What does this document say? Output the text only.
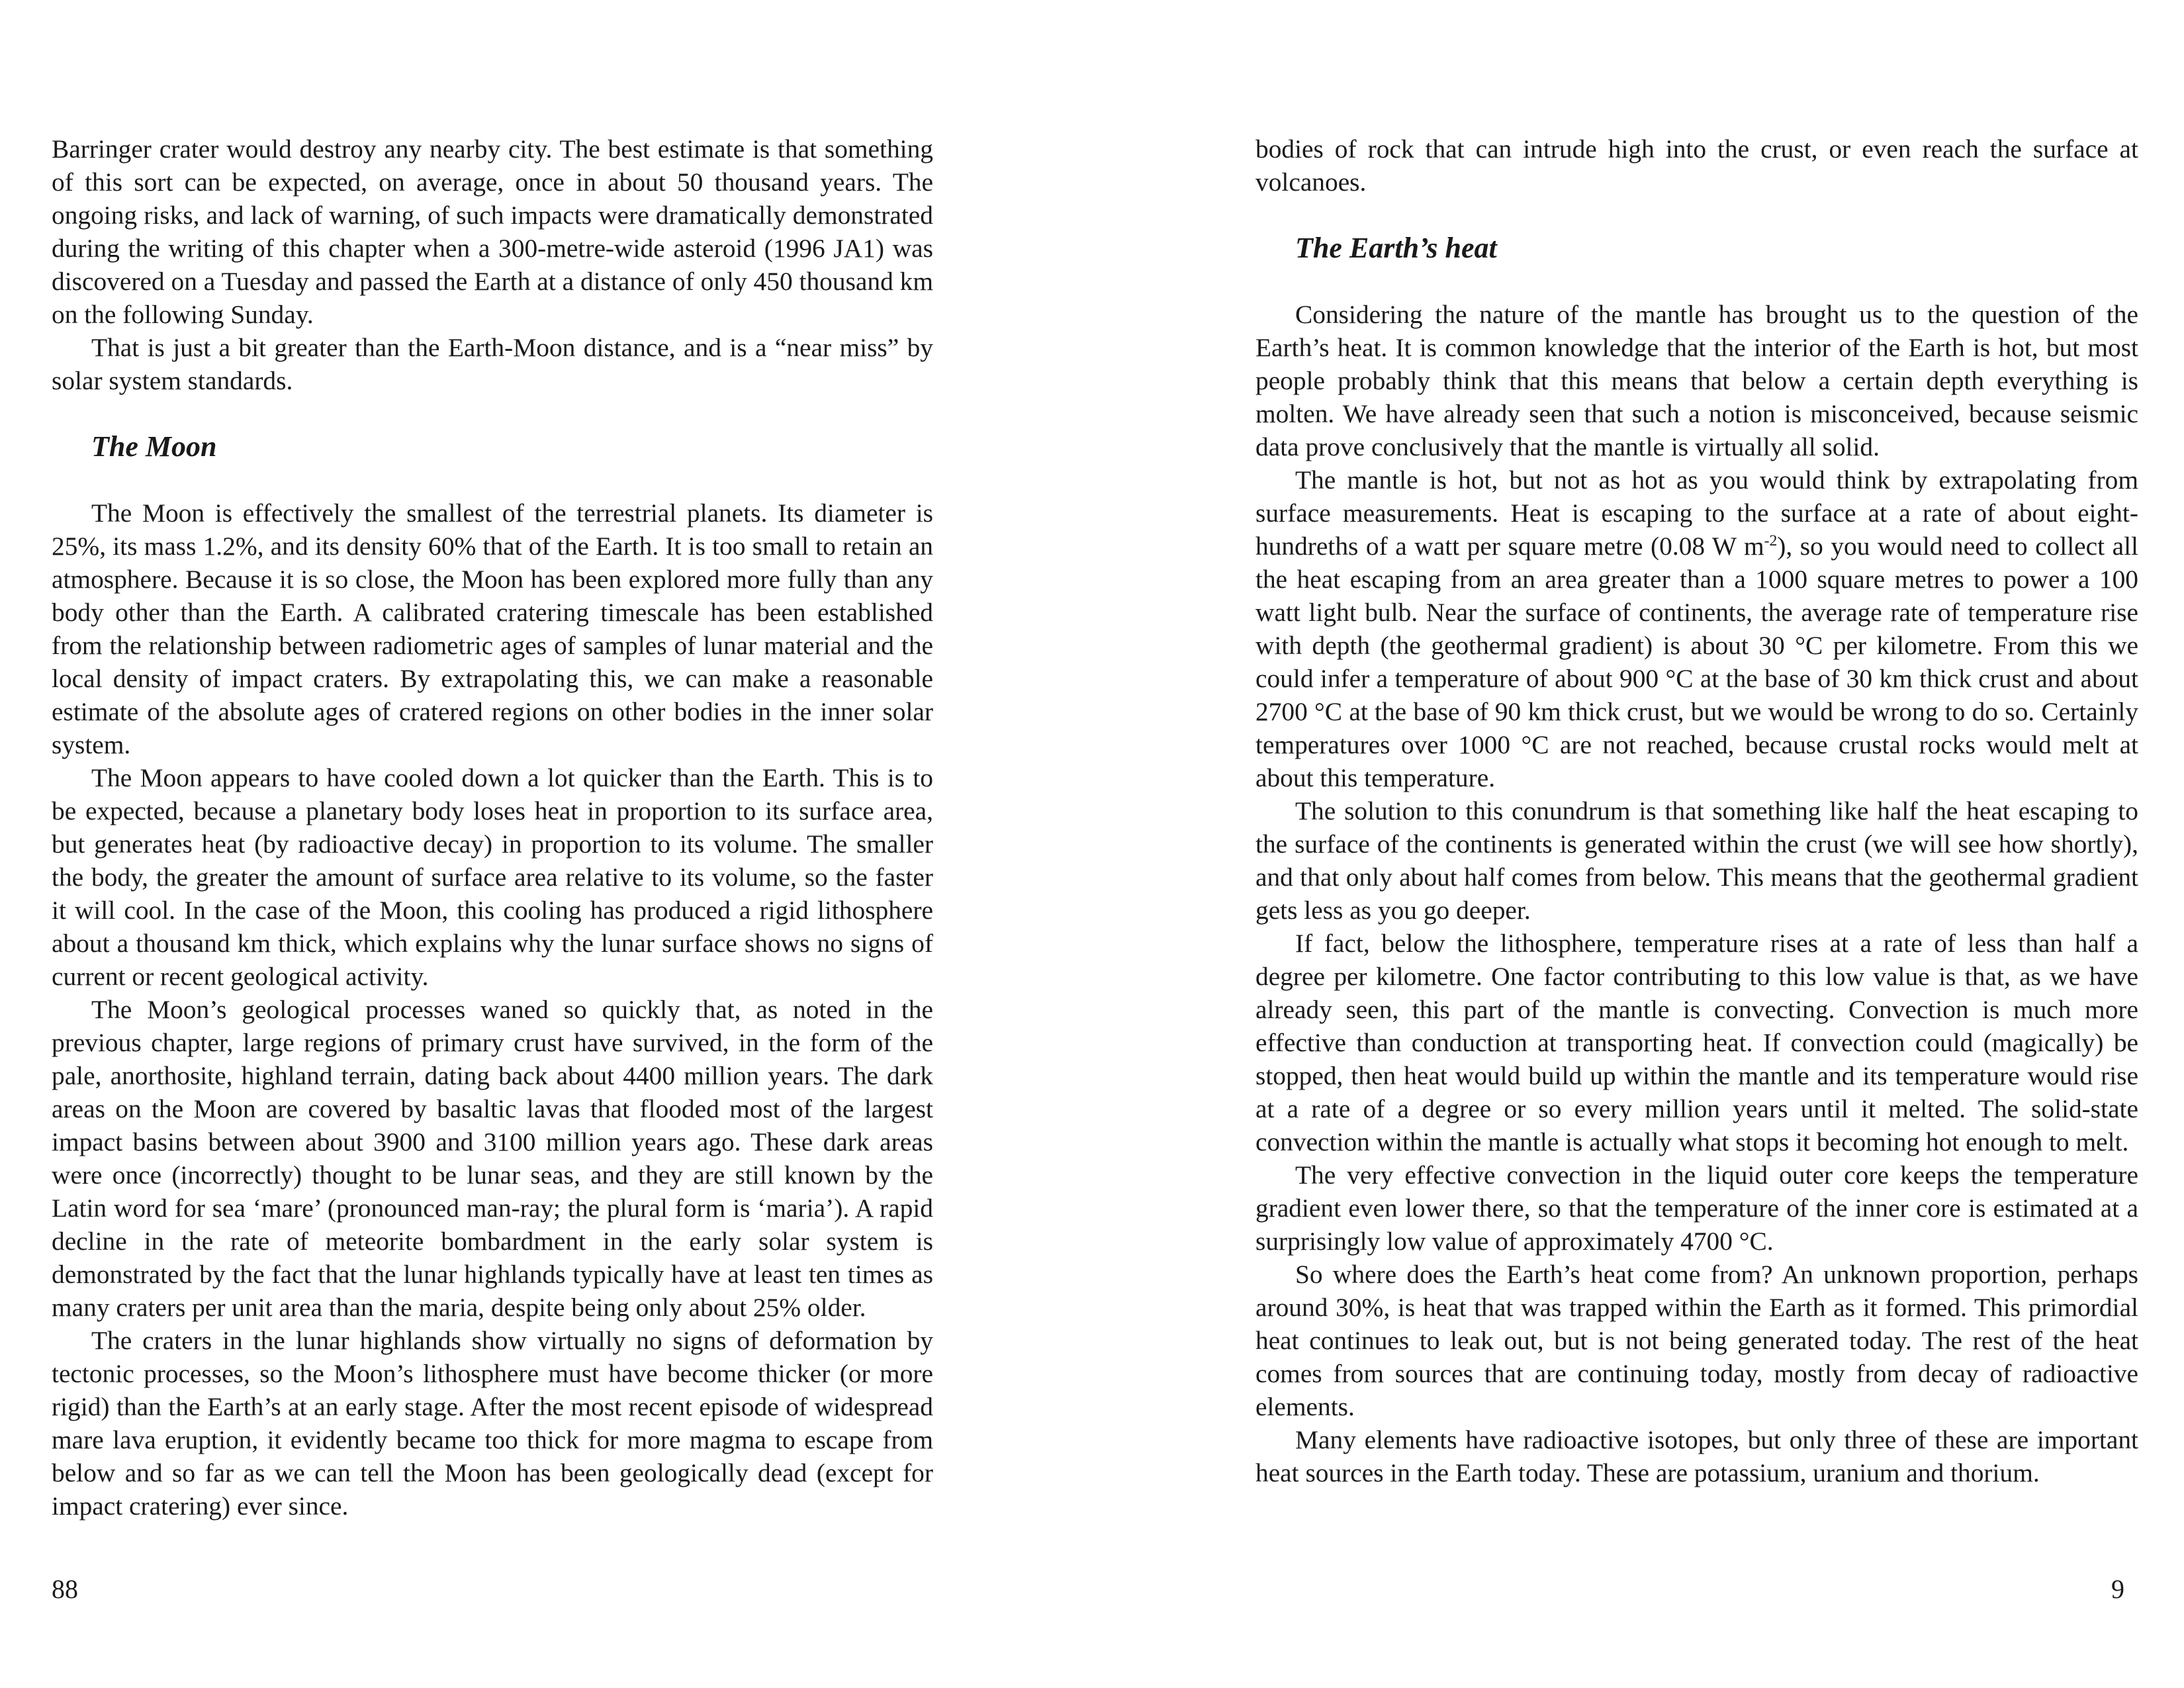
Barringer crater would destroy any nearby city. The best estimate is that something of this sort can be expected, on average, once in about 50 thousand years. The ongoing risks, and lack of warning, of such impacts were dramatically demonstrated during the writing of this chapter when a 300-metre-wide asteroid (1996 JA1) was discovered on a Tuesday and passed the Earth at a distance of only 450 thousand km on the following Sunday.

That is just a bit greater than the Earth-Moon distance, and is a “near miss” by solar system standards.

The Moon

The Moon is effectively the smallest of the terrestrial planets. Its diameter is 25%, its mass 1.2%, and its density 60% that of the Earth. It is too small to retain an atmosphere. Because it is so close, the Moon has been explored more fully than any body other than the Earth. A calibrated cratering timescale has been established from the relationship between radiometric ages of samples of lunar material and the local density of impact craters. By extrapolating this, we can make a reasonable estimate of the absolute ages of cratered regions on other bodies in the inner solar system.

The Moon appears to have cooled down a lot quicker than the Earth. This is to be expected, because a planetary body loses heat in proportion to its surface area, but generates heat (by radioactive decay) in proportion to its volume. The smaller the body, the greater the amount of surface area relative to its volume, so the faster it will cool. In the case of the Moon, this cooling has produced a rigid lithosphere about a thousand km thick, which explains why the lunar surface shows no signs of current or recent geological activity.

The Moon’s geological processes waned so quickly that, as noted in the previous chapter, large regions of primary crust have survived, in the form of the pale, anorthosite, highland terrain, dating back about 4400 million years. The dark areas on the Moon are covered by basaltic lavas that flooded most of the largest impact basins between about 3900 and 3100 million years ago. These dark areas were once (incorrectly) thought to be lunar seas, and they are still known by the Latin word for sea ‘mare’ (pronounced man-ray; the plural form is ‘maria’). A rapid decline in the rate of meteorite bombardment in the early solar system is demonstrated by the fact that the lunar highlands typically have at least ten times as many craters per unit area than the maria, despite being only about 25% older.

The craters in the lunar highlands show virtually no signs of deformation by tectonic processes, so the Moon’s lithosphere must have become thicker (or more rigid) than the Earth’s at an early stage. After the most recent episode of widespread mare lava eruption, it evidently became too thick for more magma to escape from below and so far as we can tell the Moon has been geologically dead (except for impact cratering) ever since.

bodies of rock that can intrude high into the crust, or even reach the surface at volcanoes.

The Earth’s heat

Considering the nature of the mantle has brought us to the question of the Earth’s heat. It is common knowledge that the interior of the Earth is hot, but most people probably think that this means that below a certain depth everything is molten. We have already seen that such a notion is misconceived, because seismic data prove conclusively that the mantle is virtually all solid.

The mantle is hot, but not as hot as you would think by extrapolating from surface measurements. Heat is escaping to the surface at a rate of about eight-hundreths of a watt per square metre (0.08 W $m^{-2}$), so you would need to collect all the heat escaping from an area greater than a 1000 square metres to power a 100 watt light bulb. Near the surface of continents, the average rate of temperature rise with depth (the geothermal gradient) is about 30 °C per kilometre. From this we could infer a temperature of about 900 °C at the base of 30 km thick crust and about 2700 °C at the base of 90 km thick crust, but we would be wrong to do so. Certainly temperatures over 1000 °C are not reached, because crustal rocks would melt at about this temperature.

The solution to this conundrum is that something like half the heat escaping to the surface of the continents is generated within the crust (we will see how shortly), and that only about half comes from below. This means that the geothermal gradient gets less as you go deeper.

If fact, below the lithosphere, temperature rises at a rate of less than half a degree per kilometre. One factor contributing to this low value is that, as we have already seen, this part of the mantle is convecting. Convection is much more effective than conduction at transporting heat. If convection could (magically) be stopped, then heat would build up within the mantle and its temperature would rise at a rate of a degree or so every million years until it melted. The solid-state convection within the mantle is actually what stops it becoming hot enough to melt.

The very effective convection in the liquid outer core keeps the temperature gradient even lower there, so that the temperature of the inner core is estimated at a surprisingly low value of approximately 4700 °C.

So where does the Earth’s heat come from? An unknown proportion, perhaps around 30%, is heat that was trapped within the Earth as it formed. This primordial heat continues to leak out, but is not being generated today. The rest of the heat comes from sources that are continuing today, mostly from decay of radioactive elements.

Many elements have radioactive isotopes, but only three of these are important heat sources in the Earth today. These are potassium, uranium and thorium.

88	9
